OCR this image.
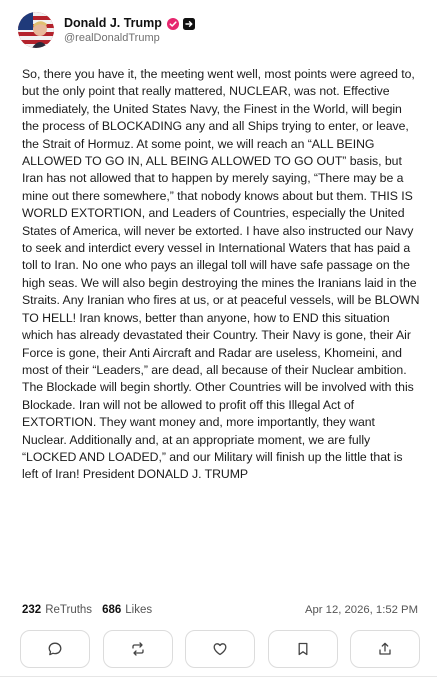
Donald J. Trump
@realDonaldTrump
So, there you have it, the meeting went well, most points were agreed to, but the only point that really mattered, NUCLEAR, was not. Effective immediately, the United States Navy, the Finest in the World, will begin the process of BLOCKADING any and all Ships trying to enter, or leave, the Strait of Hormuz. At some point, we will reach an “ALL BEING ALLOWED TO GO IN, ALL BEING ALLOWED TO GO OUT” basis, but Iran has not allowed that to happen by merely saying, “There may be a mine out there somewhere,” that nobody knows about but them. THIS IS WORLD EXTORTION, and Leaders of Countries, especially the United States of America, will never be extorted. I have also instructed our Navy to seek and interdict every vessel in International Waters that has paid a toll to Iran. No one who pays an illegal toll will have safe passage on the high seas. We will also begin destroying the mines the Iranians laid in the Straits. Any Iranian who fires at us, or at peaceful vessels, will be BLOWN TO HELL! Iran knows, better than anyone, how to END this situation which has already devastated their Country. Their Navy is gone, their Air Force is gone, their Anti Aircraft and Radar are useless, Khomeini, and most of their “Leaders,” are dead, all because of their Nuclear ambition. The Blockade will begin shortly. Other Countries will be involved with this Blockade. Iran will not be allowed to profit off this Illegal Act of EXTORTION. They want money and, more importantly, they want Nuclear. Additionally and, at an appropriate moment, we are fully “LOCKED AND LOADED,” and our Military will finish up the little that is left of Iran! President DONALD J. TRUMP
232 ReTruths 686 Likes	Apr 12, 2026, 1:52 PM
